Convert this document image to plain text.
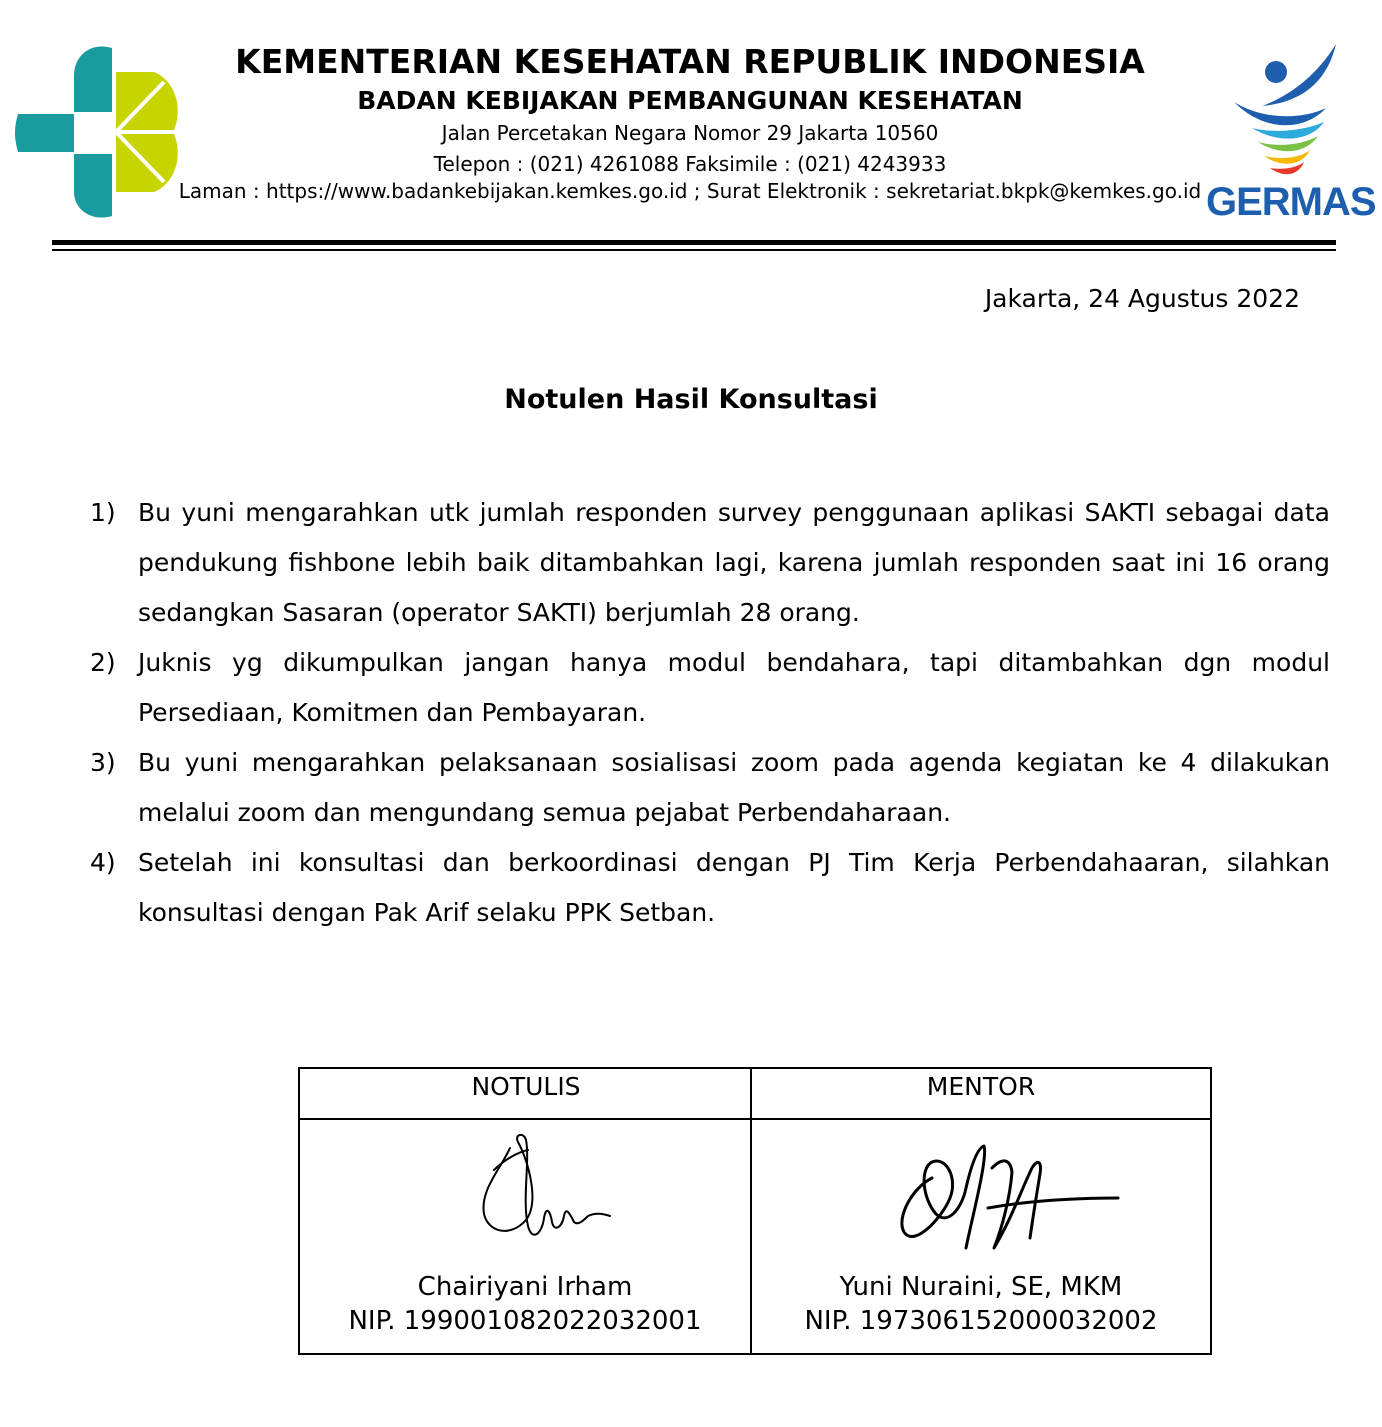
GERMAS
KEMENTERIAN KESEHATAN REPUBLIK INDONESIA
BADAN KEBIJAKAN PEMBANGUNAN KESEHATAN
Jalan Percetakan Negara Nomor 29 Jakarta 10560
Telepon : (021) 4261088 Faksimile : (021) 4243933
Laman : https://www.badankebijakan.kemkes.go.id ; Surat Elektronik : sekretariat.bkpk@kemkes.go.id
Jakarta, 24 Agustus 2022
Notulen Hasil Konsultasi
1) Bu yuni mengarahkan utk jumlah responden survey penggunaan aplikasi SAKTI sebagai data pendukung fishbone lebih baik ditambahkan lagi, karena jumlah responden saat ini 16 orang sedangkan Sasaran (operator SAKTI) berjumlah 28 orang.
2) Juknis yg dikumpulkan jangan hanya modul bendahara, tapi ditambahkan dgn modul Persediaan, Komitmen dan Pembayaran.
3) Bu yuni mengarahkan pelaksanaan sosialisasi zoom pada agenda kegiatan ke 4 dilakukan melalui zoom dan mengundang semua pejabat Perbendaharaan.
4) Setelah ini konsultasi dan berkoordinasi dengan PJ Tim Kerja Perbendahaaran, silahkan konsultasi dengan Pak Arif selaku PPK Setban.
NOTULIS	MENTOR
Chairiyani Irham
NIP. 199001082022032001
Yuni Nuraini, SE, MKM
NIP. 197306152000032002
